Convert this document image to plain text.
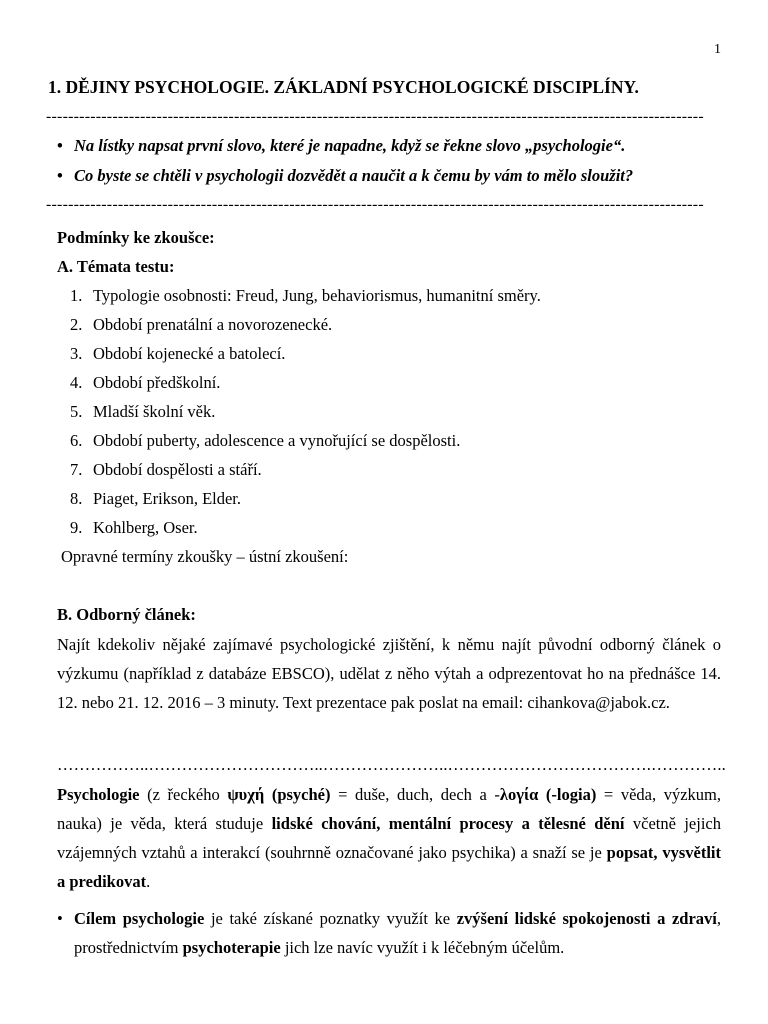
1
1. DĚJINY PSYCHOLOGIE. ZÁKLADNÍ PSYCHOLOGICKÉ DISCIPLÍNY.
-----------------------------------------------------------------------------------------------------------------------
• Na lístky napsat první slovo, které je napadne, když se řekne slovo „psychologie“.
• Co byste se chtěli v psychologii dozvědět a naučit a k čemu by vám to mělo sloužit?
-----------------------------------------------------------------------------------------------------------------------
Podmínky ke zkoušce:
A. Témata testu:
1. Typologie osobnosti: Freud, Jung, behaviorismus, humanitní směry.
2. Období prenatální a novorozenecké.
3. Období kojenecké a batolecí.
4. Období předškolní.
5. Mladší školní věk.
6. Období puberty, adolescence a vynořující se dospělosti.
7. Období dospělosti a stáří.
8. Piaget, Erikson, Elder.
9. Kohlberg, Oser.
Opravné termíny zkoušky – ústní zkoušení:
B. Odborný článek:
Najít kdekoliv nějaké zajímavé psychologické zjištění, k němu najít původní odborný článek o výzkumu (například z databáze EBSCO), udělat z něho výtah a odprezentovat ho na přednášce 14. 12. nebo 21. 12. 2016 – 3 minuty. Text prezentace pak poslat na email: cihankova@jabok.cz.
……………..…………………………..…………………..……………………………….…………..
Psychologie (z řeckého ψυχή (psyché) = duše, duch, dech a -λογία (-logia) = věda, výzkum, nauka) je věda, která studuje lidské chování, mentální procesy a tělesné dění včetně jejich vzájemných vztahů a interakcí (souhrnně označované jako psychika) a snaží se je popsat, vysvětlit a predikovat.
• Cílem psychologie je také získané poznatky využít ke zvýšení lidské spokojenosti a zdraví, prostřednictvím psychoterapie jich lze navíc využít i k léčebným účelům.
